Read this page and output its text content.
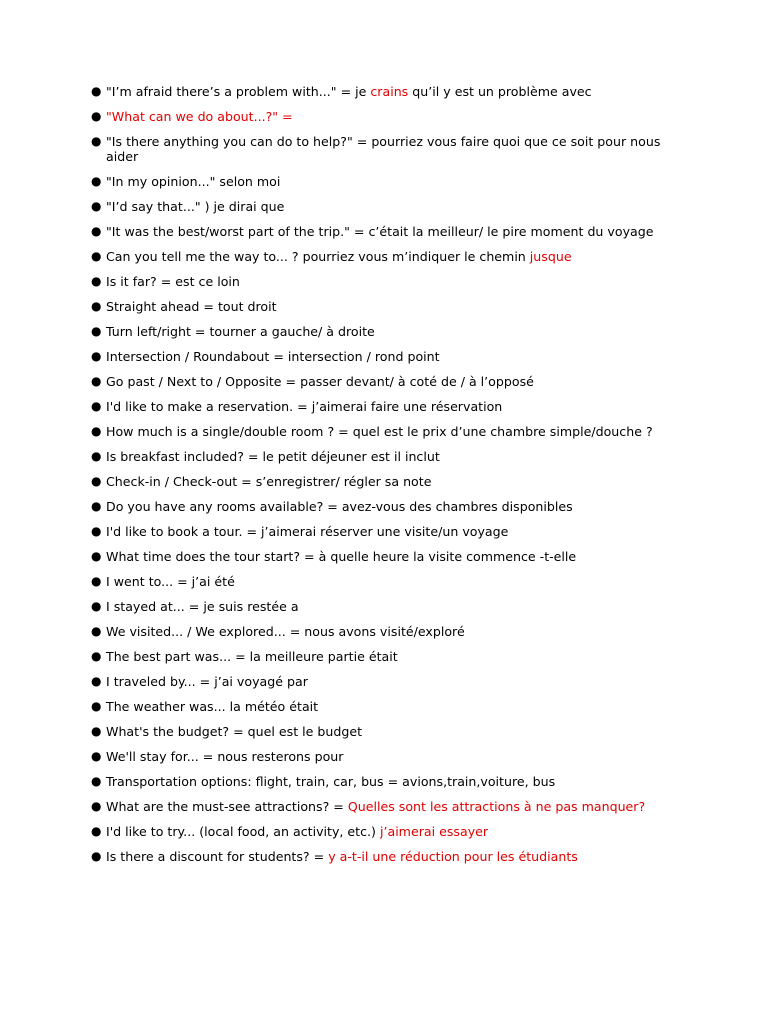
● "I’m afraid there’s a problem with..." = je crains qu’il y est un problème avec
● "What can we do about...?" =
● "Is there anything you can do to help?" = pourriez vous faire quoi que ce soit pour nous aider
● "In my opinion..." selon moi
● "I’d say that..." ) je dirai que
● "It was the best/worst part of the trip." = c’était la meilleur/ le pire moment du voyage
● Can you tell me the way to... ? pourriez vous m’indiquer le chemin jusque
● Is it far? = est ce loin
● Straight ahead = tout droit
● Turn left/right = tourner a gauche/ à droite
● Intersection / Roundabout = intersection / rond point
● Go past / Next to / Opposite = passer devant/ à coté de / à l’opposé
● I'd like to make a reservation. = j’aimerai faire une réservation
● How much is a single/double room ? = quel est le prix d’une chambre simple/douche ?
● Is breakfast included? = le petit déjeuner est il inclut
● Check-in / Check-out = s’enregistrer/ régler sa note
● Do you have any rooms available? = avez-vous des chambres disponibles
● I'd like to book a tour. = j’aimerai réserver une visite/un voyage
● What time does the tour start? = à quelle heure la visite commence -t-elle
● I went to... = j’ai été
● I stayed at... = je suis restée a
● We visited... / We explored... = nous avons visité/exploré
● The best part was... = la meilleure partie était
● I traveled by... = j’ai voyagé par
● The weather was... la météo était
● What's the budget? = quel est le budget
● We'll stay for... = nous resterons pour
● Transportation options: flight, train, car, bus = avions,train,voiture, bus
● What are the must-see attractions? = Quelles sont les attractions à ne pas manquer?
● I'd like to try... (local food, an activity, etc.) j’aimerai essayer
● Is there a discount for students? = y a-t-il une réduction pour les étudiants
